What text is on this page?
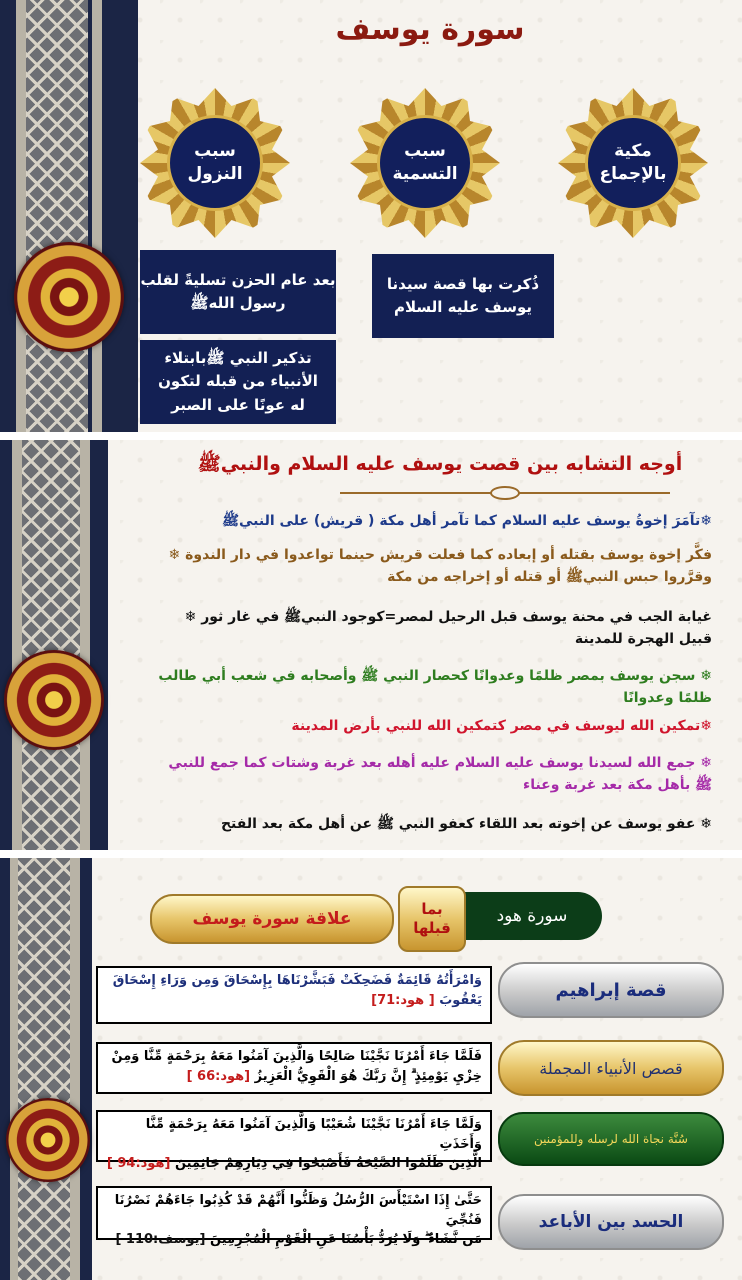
سورة يوسف
مكية
بالإجماع
سبب
التسمية
سبب
النزول
ذُكرت بها قصة سيدنا
يوسف عليه السلام
بعد عام الحزن تسليةً لقلب
رسول اللهﷺ
تذكير النبي ﷺبابتلاء
الأنبياء من قبله لتكون
له عونًا على الصبر
أوجه التشابه بين قصت يوسف عليه السلام والنبيﷺ
❄تآمَرَ إخوةُ يوسف عليه السلام كما تآمر أهل مكة ( قريش) على النبيﷺ
فكَّر إخوة يوسف بقتله أو إبعاده كما فعلت قريش حينما تواعدوا في دار الندوة ❄
وقرَّروا حبس النبيﷺ أو قتله أو إخراجه من مكة
غيابة الجب في محنة يوسف قبل الرحيل لمصر=كوجود النبيﷺ في غار ثور ❄
قبيل الهجرة للمدينة
❄ سجن يوسف بمصر ظلمًا وعدوانًا كحصار النبي ﷺ وأصحابه في شعب أبي طالب
ظلمًا وعدوانًا
❄تمكين الله ليوسف في مصر كتمكين الله للنبي بأرض المدينة
❄ جمع الله لسيدنا يوسف عليه السلام عليه أهله بعد غربة وشتات كما جمع للنبي
ﷺ بأهل مكة بعد غربة وعناء
❄ عفو يوسف عن إخوته بعد اللقاء كعفو النبي ﷺ عن أهل مكة بعد الفتح
سورة هود
بما
قبلها
علاقة سورة يوسف
وَامْرَأَتُهُ قَائِمَةٌ فَضَحِكَتْ فَبَشَّرْنَاهَا بِإِسْحَاقَ وَمِن وَرَاءِ إِسْحَاقَ
يَعْقُوبَ [ هود:71]	قصة إبراهيم
فَلَمَّا جَاءَ أَمْرُنَا نَجَّيْنَا صَالِحًا وَالَّذِينَ آمَنُوا مَعَهُ بِرَحْمَةٍ مِّنَّا وَمِنْ
خِزْيِ يَوْمِئِذٍ ۗ إِنَّ رَبَّكَ هُوَ الْقَوِيُّ الْعَزِيزُ [هود:66 ]	قصص الأنبياء المجملة
وَلَمَّا جَاءَ أَمْرُنَا نَجَّيْنَا شُعَيْبًا وَالَّذِينَ آمَنُوا مَعَهُ بِرَحْمَةٍ مِّنَّا وَأَخَذَتِ
الَّذِينَ ظَلَمُوا الصَّيْحَةُ فَأَصْبَحُوا فِي دِيَارِهِمْ جَاثِمِينَ [هود:94 ]
سُنَّة نجاة الله لرسله وللمؤمنين
حَتَّىٰ إِذَا اسْتَيْأَسَ الرُّسُلُ وَظَنُّوا أَنَّهُمْ قَدْ كُذِبُوا جَاءَهُمْ نَصْرُنَا فَنُجِّيَ
مَن نَّشَاءُ ۖ وَلَا يُرَدُّ بَأْسُنَا عَنِ الْقَوْمِ الْمُجْرِمِينَ [يوسف:110 ]
الحسد بين الأباعد
